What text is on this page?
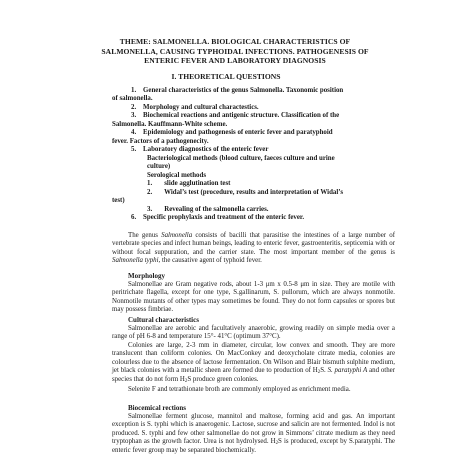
THEME: SALMONELLA. BIOLOGICAL CHARACTERISTICS OF
SALMONELLA, CAUSING TYPHOIDAL INFECTIONS. PATHOGENESIS OF
ENTERIC FEVER AND LABORATORY DIAGNOSIS
I. THEORETICAL QUESTIONS
1.    General characteristics of the genus Salmonella. Taxonomic position
of salmonella.
2.    Morphology and cultural charactestics.
3.    Biochemical reactions and antigenic structure. Classification of the
Salmonella. Kauffmann-White scheme.
4.    Epidemiology and pathogenesis of enteric fever and paratyphoid
fever. Factors of a pathogenecity.
5.    Laboratory diagnostics of the enteric fever
Bacteriological methods (blood culture, faeces culture and urine
culture)
Serological methods
1.       slide agglutination test
2.       Widal’s test (procedure, results and interpretation of Widal’s
test)
3.       Revealing of the salmonella carries.
6.    Specific prophylaxis and treatment of the enteric fever.
The genus Salmonella consists of bacilli that parasitise the intestines of a large number of vertebrate species and infect human beings, leading to enteric fever, gastroenteritis, septicemia with or without focal suppuration, and the carrier state. The most important member of the genus is Salmonella typhi, the causative agent of typhoid fever.
Morphology
Salmonellae are Gram negative rods, about 1-3 μm x 0.5-8 μm in size. They are motile with peritrichate flagella, except for one type, S.gallinarum, S. pullorum, which are always nonmotile. Nonmotile mutants of other types may sometimes be found. They do not form capsules or spores but may possess fimbriae.
Cultural characteristics
Salmonellae are aerobic and facultatively anaerobic, growing readily on simple media over a range of pH 6-8 and temperature 15°- 41°C (optimum 37°C).
Colonies are large, 2-3 mm in diameter, circular, low convex and smooth. They are more translucent than coliform colonies. On MacConkey and deoxycholate citrate media, colonies are colourless due to the absence of lactose fermentation. On Wilson and Blair bismuth sulphite medium, jet black colonies with a metallic sheen are formed due to production of $H_2S$. S. paratyphi A and other species that do not form $H_2S$ produce green colonies.
Selenite F and tetrathionate broth are commonly employed as enrichment media.
Biocemical rections
Salmonellae ferment glucose, mannitol and maltose, forming acid and gas. An important exception is S. typhi which is anaerogenic. Lactose, sucrose and salicin are not fermented. Indol is not produced. S. typhi and few other salmonellae do not grow in Simmons’ citrate medium as they need tryptophan as the growth factor. Urea is not hydrolysed. $H_2S$ is produced, except by S.paratyphi. The enteric fever group may be separated biochemically.
